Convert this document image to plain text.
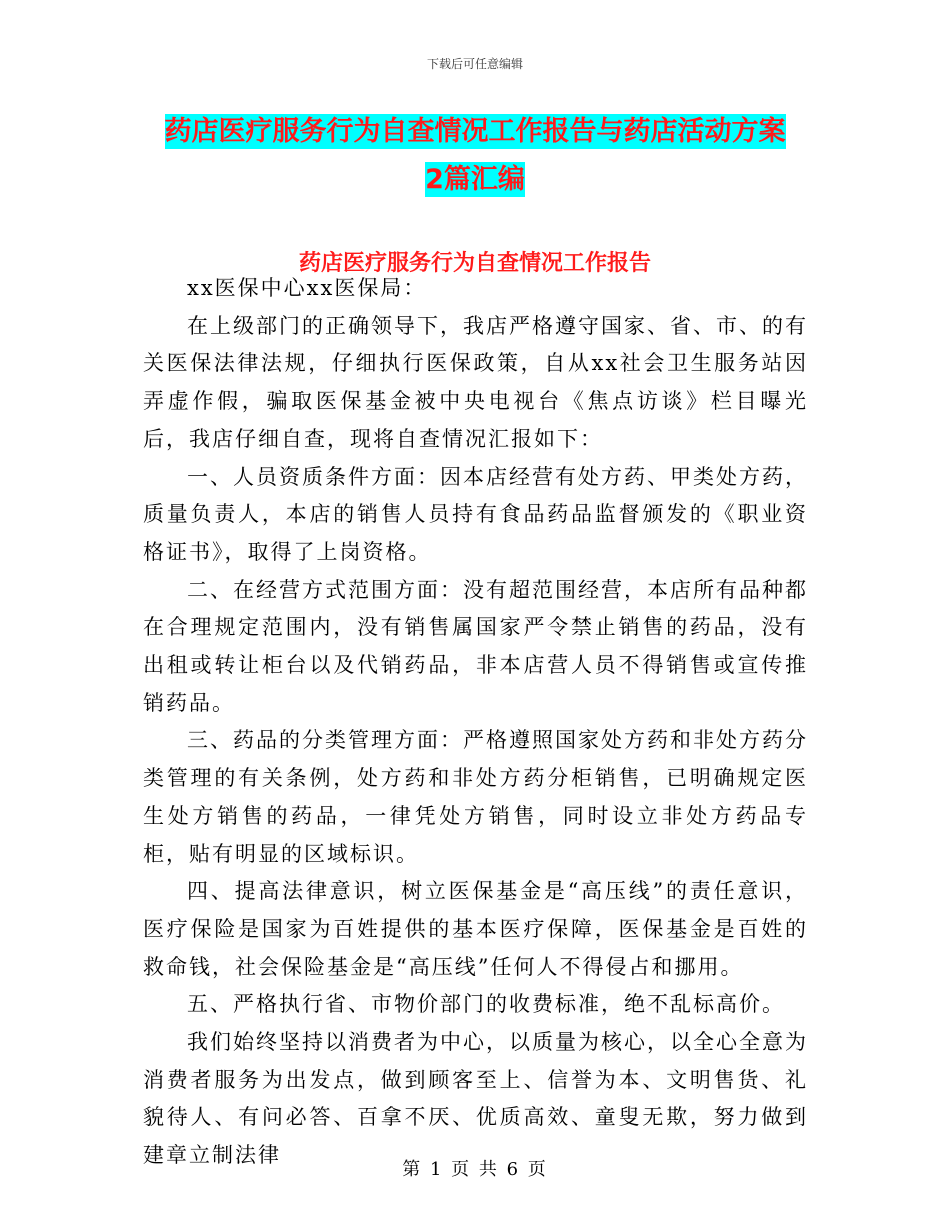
下载后可任意编辑
药店医疗服务行为自查情况工作报告与药店活动方案
2篇汇编
药店医疗服务行为自查情况工作报告

xx医保中心xx医保局：

在上级部门的正确领导下，我店严格遵守国家、省、市、的有关医保法律法规，仔细执行医保政策，自从xx社会卫生服务站因弄虚作假，骗取医保基金被中央电视台《焦点访谈》栏目曝光后，我店仔细自查，现将自查情况汇报如下：

一、人员资质条件方面：因本店经营有处方药、甲类处方药，质量负责人，本店的销售人员持有食品药品监督颁发的《职业资格证书》，取得了上岗资格。

二、在经营方式范围方面：没有超范围经营，本店所有品种都在合理规定范围内，没有销售属国家严令禁止销售的药品，没有出租或转让柜台以及代销药品，非本店营人员不得销售或宣传推销药品。

三、药品的分类管理方面：严格遵照国家处方药和非处方药分类管理的有关条例，处方药和非处方药分柜销售，已明确规定医生处方销售的药品，一律凭处方销售，同时设立非处方药品专柜，贴有明显的区域标识。

四、提高法律意识，树立医保基金是“高压线”的责任意识，医疗保险是国家为百姓提供的基本医疗保障，医保基金是百姓的救命钱，社会保险基金是“高压线”任何人不得侵占和挪用。

五、严格执行省、市物价部门的收费标准，绝不乱标高价。

我们始终坚持以消费者为中心，以质量为核心，以全心全意为消费者服务为出发点，做到顾客至上、信誉为本、文明售货、礼貌待人、有问必答、百拿不厌、优质高效、童叟无欺，努力做到建章立制法律

第 1 页 共 6 页
